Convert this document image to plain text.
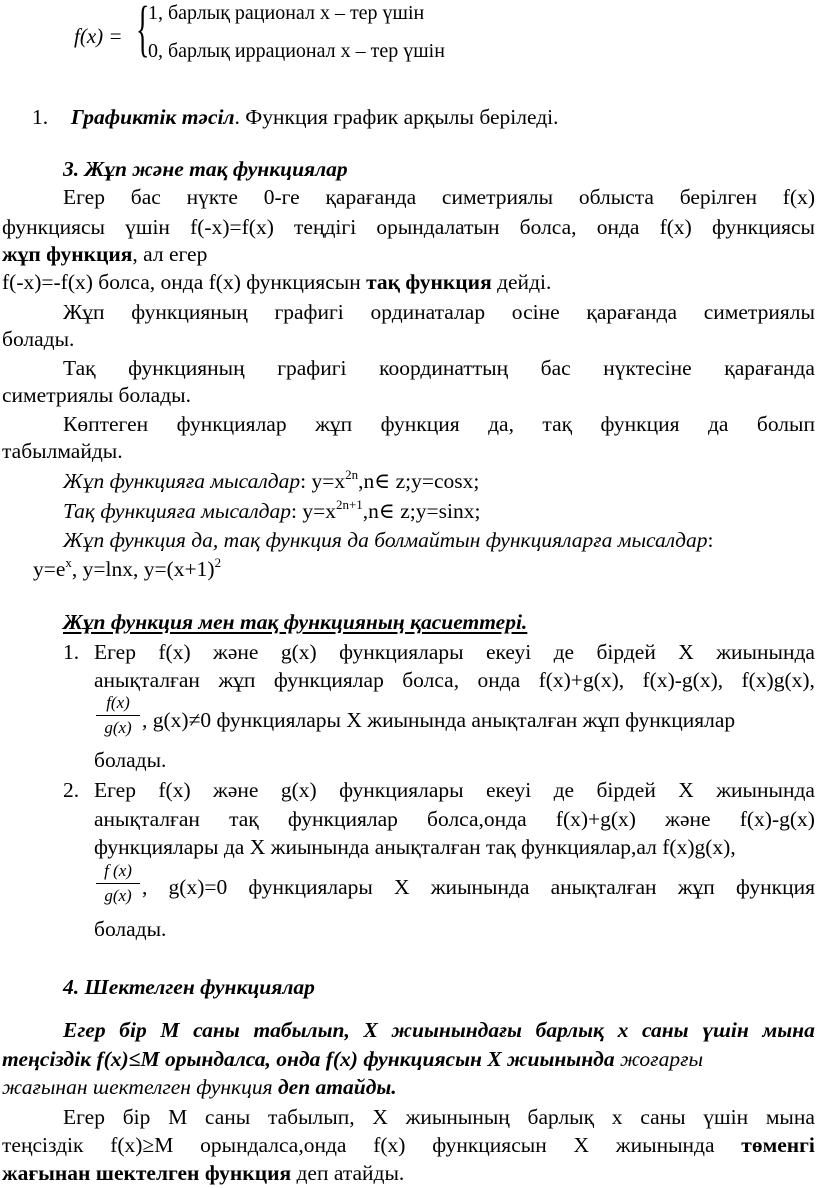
f(x) = {
1, барлық рационал х – тер үшін
0, барлық иррационал х – тер үшін
1. Графиктік тәсіл. Функция график арқылы беріледі.
3. Жұп және тақ функциялар
Егер бас нүкте 0-ге қарағанда симетриялы облыста берілген f(x)
функциясы үшін f(-x)=f(x) теңдігі орындалатын болса, онда f(x) функциясы
жұп функция, ал егер
f(-x)=-f(x) болса, онда f(x) функциясын тақ функция дейді.
Жұп функцияның графигі ординаталар осіне қарағанда симетриялы
болады.
Тақ функцияның графигі координаттың бас нүктесіне қарағанда
симетриялы болады.
Көптеген функциялар жұп функция да, тақ функция да болып
табылмайды.
Жұп функцияға мысалдар: $y=x^{2n},n\in$ z;y=cosx;
Тақ функцияға мысалдар: $y=x^{2n+1},n\in$ z;y=sinx;
Жұп функция да, тақ функция да болмайтын функцияларға мысалдар:
$y=e^x$, y=lnx, $y=(x+1)^2$
Жұп функция мен тақ функцияның қасиеттері.
1. Егер f(x) және g(x) функциялары екеуі де бірдей Х жиынында
анықталған жұп функциялар болса, онда f(x)+g(x), f(x)-g(x), f(x)g(x),
f(x)
g(x) , g(x)≠0 функциялары Х жиынында анықталған жұп функциялар
болады.
2. Егер f(x) және g(x) функциялары екеуі де бірдей Х жиынында
анықталған тақ функциялар болса,онда f(x)+g(x) және f(x)-g(x)
функциялары да Х жиынында анықталған тақ функциялар,ал f(x)g(x),
f (x)
g(x) , g(x)=0 функциялары Х жиынында анықталған жұп функция
болады.
4. Шектелген функциялар
Егер бір М саны табылып, Х жиынындағы барлық х саны үшін мына
теңсіздік f(x)≤M орындалса, онда f(x) функциясын Х жиынында жоғарғы
жағынан шектелген функция деп атайды.
Егер бір М саны табылып, Х жиынының барлық х саны үшін мына
теңсіздік f(x)≥M орындалса,онда f(x) функциясын Х жиынында төменгі
жағынан шектелген функция деп атайды.
